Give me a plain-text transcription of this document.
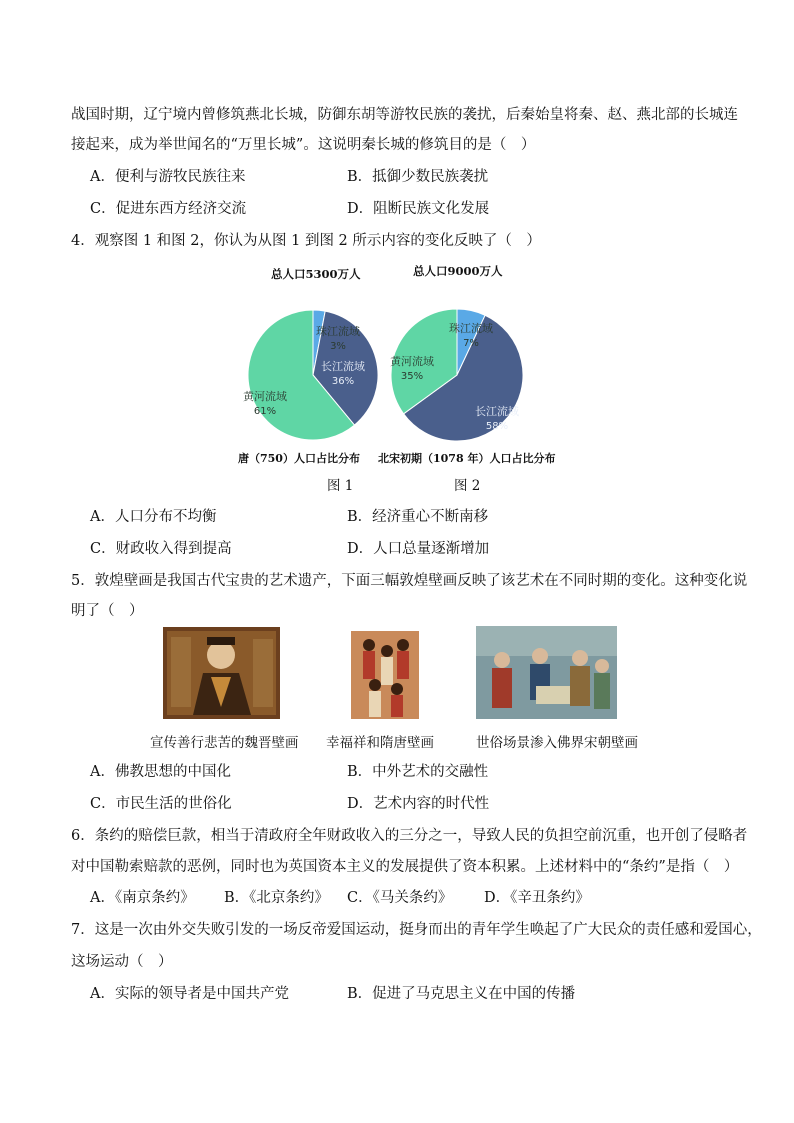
战国时期，辽宁境内曾修筑燕北长城，防御东胡等游牧民族的袭扰，后秦始皇将秦、赵、燕北部的长城连
接起来，成为举世闻名的“万里长城”。这说明秦长城的修筑目的是（　）
A．便利与游牧民族往来	B．抵御少数民族袭扰
C．促进东西方经济交流	D．阻断民族文化发展
4．观察图 1 和图 2，你认为从图 1 到图 2 所示内容的变化反映了（　）
总人口5300万人	总人口9000万人
珠江流域
3%
长江流域
36%
黄河流域
61%
珠江流域
7%
长江流域
58%
黄河流域
35%
唐（750）人口占比分布 北宋初期（1078 年）人口占比分布
图 1	图 2
A．人口分布不均衡	B．经济重心不断南移
C．财政收入得到提高	D．人口总量逐渐增加
5．敦煌壁画是我国古代宝贵的艺术遗产，下面三幅敦煌壁画反映了该艺术在不同时期的变化。这种变化说
明了（　）
宣传善行悲苦的魏晋壁画 幸福祥和隋唐壁画	世俗场景渗入佛界宋朝壁画
A．佛教思想的中国化	B．中外艺术的交融性
C．市民生活的世俗化	D．艺术内容的时代性
6．条约的赔偿巨款，相当于清政府全年财政收入的三分之一，导致人民的负担空前沉重，也开创了侵略者
对中国勒索赔款的恶例，同时也为英国资本主义的发展提供了资本积累。上述材料中的“条约”是指（　）
A．《南京条约》 B．《北京条约》 C．《马关条约》 D．《辛丑条约》
7．这是一次由外交失败引发的一场反帝爱国运动，挺身而出的青年学生唤起了广大民众的责任感和爱国心，
这场运动（　）
A．实际的领导者是中国共产党	B．促进了马克思主义在中国的传播
